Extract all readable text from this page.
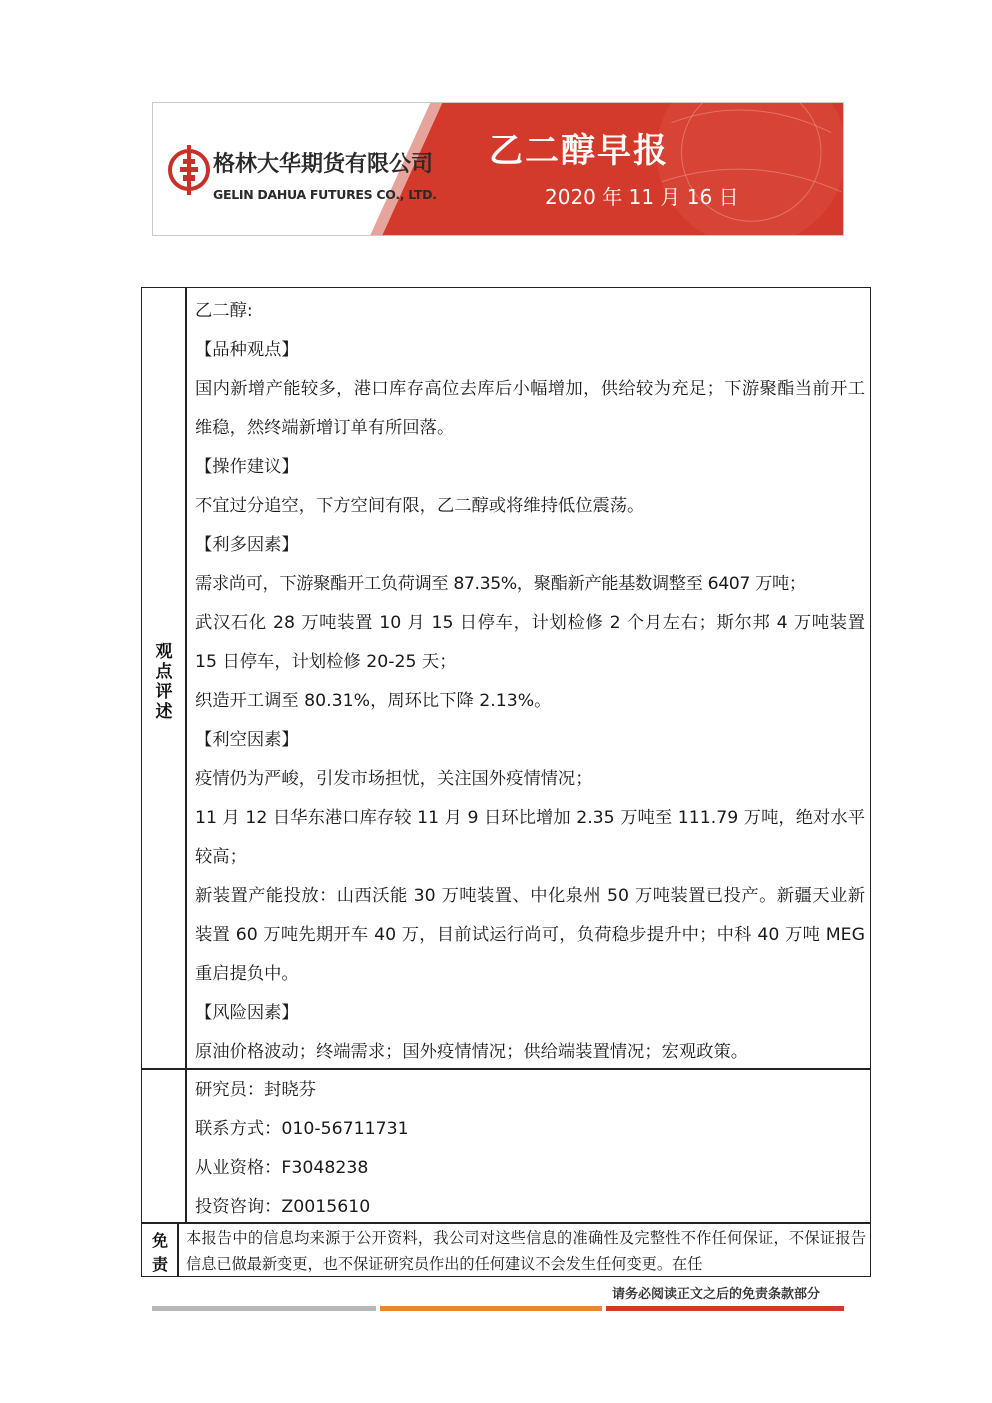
格林大华期货有限公司
GELIN DAHUA FUTURES CO., LTD.
乙二醇早报
2020 年 11 月 16 日
观点评述

乙二醇:

【品种观点】

国内新增产能较多，港口库存高位去库后小幅增加，供给较为充足；下游聚酯当前开工维稳，然终端新增订单有所回落。

【操作建议】

不宜过分追空，下方空间有限，乙二醇或将维持低位震荡。

【利多因素】

需求尚可，下游聚酯开工负荷调至 87.35%，聚酯新产能基数调整至 6407 万吨；

武汉石化 28 万吨装置 10 月 15 日停车，计划检修 2 个月左右；斯尔邦 4 万吨装置 15 日停车，计划检修 20-25 天；

织造开工调至 80.31%，周环比下降 2.13%。

【利空因素】

疫情仍为严峻，引发市场担忧，关注国外疫情情况；

11 月 12 日华东港口库存较 11 月 9 日环比增加 2.35 万吨至 111.79 万吨，绝对水平较高；

新装置产能投放：山西沃能 30 万吨装置、中化泉州 50 万吨装置已投产。新疆天业新装置 60 万吨先期开车 40 万，目前试运行尚可，负荷稳步提升中；中科 40 万吨 MEG 重启提负中。

【风险因素】

原油价格波动；终端需求；国外疫情情况；供给端装置情况；宏观政策。

研究员：封晓芬

联系方式：010-56711731

从业资格：F3048238

投资咨询：Z0015610

免责

本报告中的信息均来源于公开资料，我公司对这些信息的准确性及完整性不作任何保证，不保证报告信息已做最新变更，也不保证研究员作出的任何建议不会发生任何变更。在任

请务必阅读正文之后的免责条款部分
